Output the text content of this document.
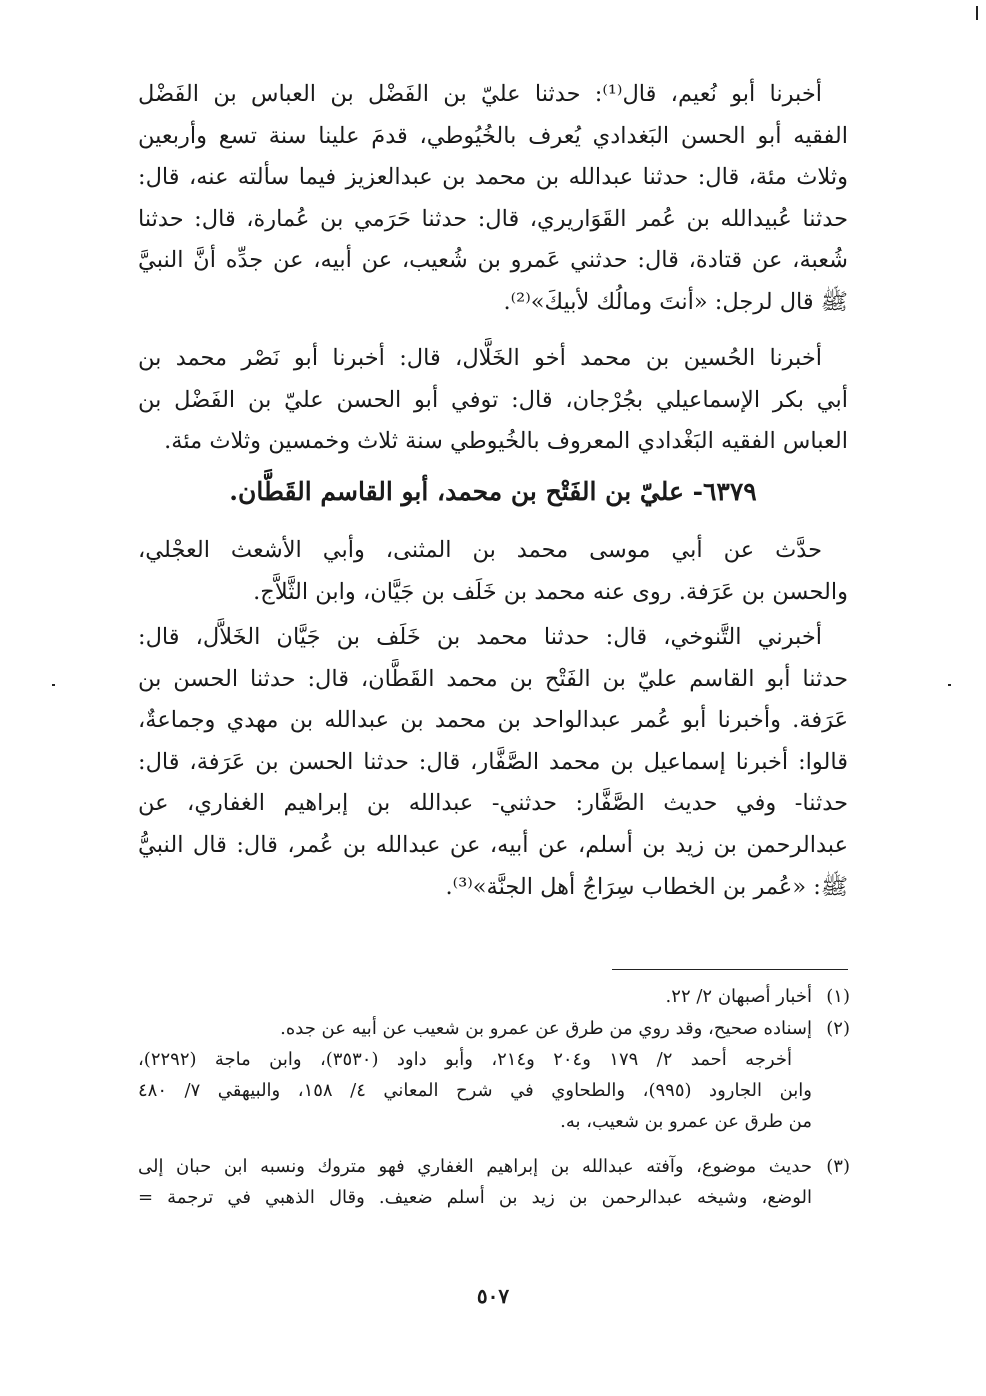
أخبرنا أبو نُعيم، قال⁽¹⁾: حدثنا عليّ بن الفَضْل بن العباس بن الفَضْل
الفقيه أبو الحسن البَغدادي يُعرف بالخُيُوطي، قدمَ علينا سنة تسع وأربعين
وثلاث مئة، قال: حدثنا عبدالله بن محمد بن عبدالعزيز فيما سألته عنه، قال:
حدثنا عُبيدالله بن عُمر القَوَاريري، قال: حدثنا حَرَمي بن عُمارة، قال: حدثنا
شُعبة، عن قتادة، قال: حدثني عَمرو بن شُعيب، عن أبيه، عن جدِّه أنَّ النبيَّ
ﷺ قال لرجل: «أنتَ ومالُك لأبيكَ»⁽²⁾.
أخبرنا الحُسين بن محمد أخو الخَلَّال، قال: أخبرنا أبو نَصْر محمد بن
أبي بكر الإسماعيلي بجُرْجان، قال: توفي أبو الحسن عليّ بن الفَضْل بن
العباس الفقيه البَغْدادي المعروف بالخُيوطي سنة ثلاث وخمسين وثلاث مئة.
٦٣٧٩- عليّ بن الفَتْح بن محمد، أبو القاسم القَطَّان.
حدَّث عن أبي موسى محمد بن المثنى، وأبي الأشعث العجْلي،
والحسن بن عَرَفة. روى عنه محمد بن خَلَف بن جَيَّان، وابن الثَّلاَّج.
أخبرني التَّنوخي، قال: حدثنا محمد بن خَلَف بن جَيَّان الخَلاَّل، قال:
حدثنا أبو القاسم عليّ بن الفَتْح بن محمد القَطَّان، قال: حدثنا الحسن بن
عَرَفة. وأخبرنا أبو عُمر عبدالواحد بن محمد بن عبدالله بن مهدي وجماعةٌ،
قالوا: أخبرنا إسماعيل بن محمد الصَّفَّار، قال: حدثنا الحسن بن عَرَفة، قال:
حدثنا- وفي حديث الصَّفَّار: حدثني- عبدالله بن إبراهيم الغفاري، عن
عبدالرحمن بن زيد بن أسلم، عن أبيه، عن عبدالله بن عُمر، قال: قال النبيُّ
ﷺ: «عُمر بن الخطاب سِرَاجُ أهل الجنَّة»⁽³⁾.
(١)
أخبار أصبهان ٢/ ٢٢.
(٢)
إسناده صحيح، وقد روي من طرق عن عمرو بن شعيب عن أبيه عن جده.
أخرجه أحمد ٢/ ١٧٩ و٢٠٤ و٢١٤، وأبو داود (٣٥٣٠)، وابن ماجة (٢٢٩٢)،
وابن الجارود (٩٩٥)، والطحاوي في شرح المعاني ٤/ ١٥٨، والبيهقي ٧/ ٤٨٠
من طرق عن عمرو بن شعيب، به.
(٣)
حديث موضوع، وآفته عبدالله بن إبراهيم الغفاري فهو متروك ونسبه ابن حبان إلى
الوضع، وشيخه عبدالرحمن بن زيد بن أسلم ضعيف. وقال الذهبي في ترجمة =
٥٠٧
